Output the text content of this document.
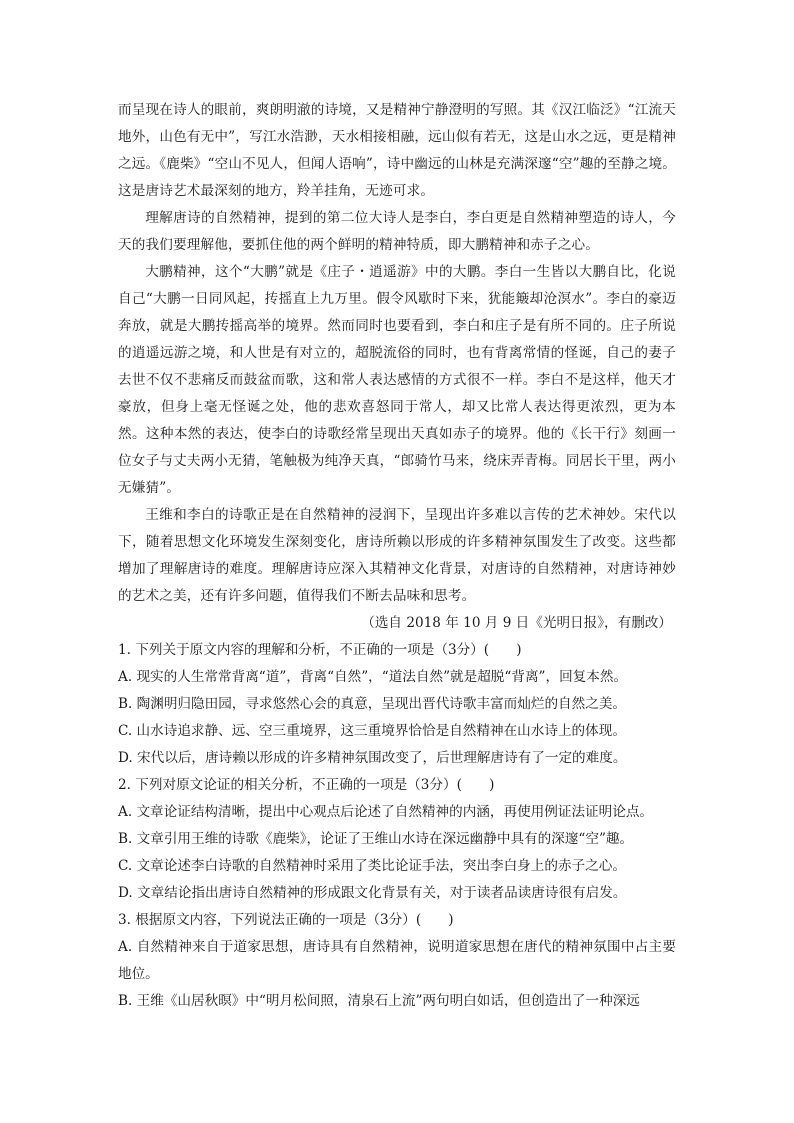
而呈现在诗人的眼前，爽朗明澈的诗境，又是精神宁静澄明的写照。其《汉江临泛》“江流天地外，山色有无中”，写江水浩渺，天水相接相融，远山似有若无，这是山水之远，更是精神之远。《鹿柴》“空山不见人，但闻人语响”，诗中幽远的山林是充满深邃“空”趣的至静之境。这是唐诗艺术最深刻的地方，羚羊挂角，无迹可求。

理解唐诗的自然精神，提到的第二位大诗人是李白，李白更是自然精神塑造的诗人，今天的我们要理解他，要抓住他的两个鲜明的精神特质，即大鹏精神和赤子之心。

大鹏精神，这个“大鹏”就是《庄子・逍遥游》中的大鹏。李白一生皆以大鹏自比，化说自己“大鹏一日同风起，抟摇直上九万里。假令风歇时下来，犹能簸却沧溟水”。李白的豪迈奔放，就是大鹏抟摇高举的境界。然而同时也要看到，李白和庄子是有所不同的。庄子所说的逍遥远游之境，和人世是有对立的，超脱流俗的同时，也有背离常情的怪诞，自己的妻子去世不仅不悲痛反而鼓盆而歌，这和常人表达感情的方式很不一样。李白不是这样，他天才豪放，但身上毫无怪诞之处，他的悲欢喜怒同于常人，却又比常人表达得更浓烈，更为本然。这种本然的表达，使李白的诗歌经常呈现出天真如赤子的境界。他的《长干行》刻画一位女子与丈夫两小无猜，笔触极为纯净天真，“郎骑竹马来，绕床弄青梅。同居长干里，两小无嫌猜”。

王维和李白的诗歌正是在自然精神的浸润下，呈现出许多难以言传的艺术神妙。宋代以下，随着思想文化环境发生深刻变化，唐诗所赖以形成的许多精神氛围发生了改变。这些都增加了理解唐诗的难度。理解唐诗应深入其精神文化背景，对唐诗的自然精神，对唐诗神妙的艺术之美，还有许多问题，值得我们不断去品味和思考。

（选自 2018 年 10 月 9 日《光明日报》，有删改）

1. 下列关于原文内容的理解和分析，不正确的一项是（3分）(　　)

A. 现实的人生常常背离“道”，背离“自然”，“道法自然”就是超脱“背离”，回复本然。

B. 陶渊明归隐田园，寻求悠然心会的真意，呈现出晋代诗歌丰富而灿烂的自然之美。

C. 山水诗追求静、远、空三重境界，这三重境界恰恰是自然精神在山水诗上的体现。

D. 宋代以后，唐诗赖以形成的许多精神氛围改变了，后世理解唐诗有了一定的难度。

2. 下列对原文论证的相关分析，不正确的一项是（3分）(　　)

A. 文章论证结构清晰，提出中心观点后论述了自然精神的内涵，再使用例证法证明论点。

B. 文章引用王维的诗歌《鹿柴》，论证了王维山水诗在深远幽静中具有的深邃“空”趣。

C. 文章论述李白诗歌的自然精神时采用了类比论证手法，突出李白身上的赤子之心。

D. 文章结论指出唐诗自然精神的形成跟文化背景有关，对于读者品读唐诗很有启发。

3. 根据原文内容，下列说法正确的一项是（3分）(　　)

A. 自然精神来自于道家思想，唐诗具有自然精神，说明道家思想在唐代的精神氛围中占主要地位。

B. 王维《山居秋暝》中“明月松间照，清泉石上流”两句明白如话，但创造出了一种深远
